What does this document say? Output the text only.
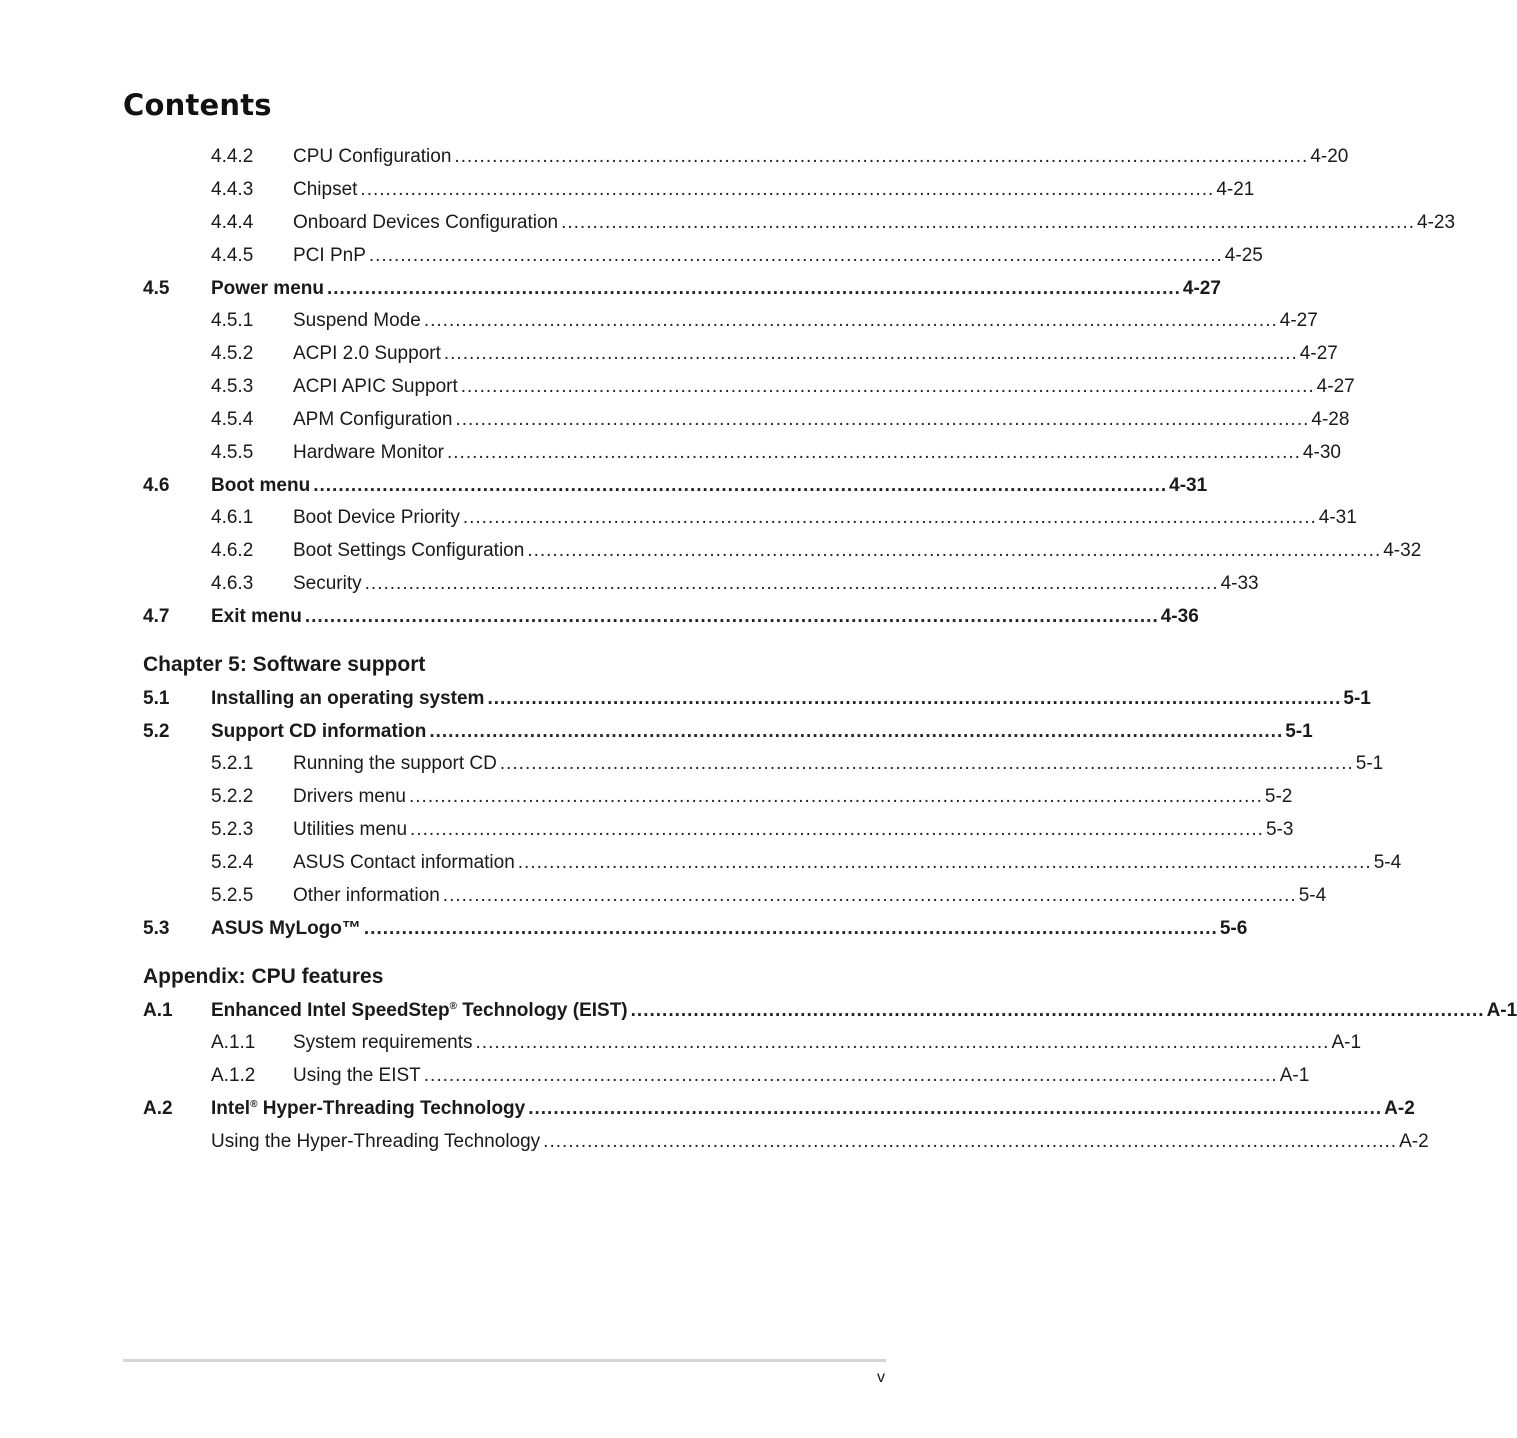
Contents
4.4.2 CPU Configuration ........................................................................................................................................ 4-20
4.4.3 Chipset ........................................................................................................................................ 4-21
4.4.4 Onboard Devices Configuration ........................................................................................................................................ 4-23
4.4.5 PCI PnP ........................................................................................................................................ 4-25
4.5 Power menu ........................................................................................................................................ 4-27
4.5.1 Suspend Mode ........................................................................................................................................ 4-27
4.5.2 ACPI 2.0 Support ........................................................................................................................................ 4-27
4.5.3 ACPI APIC Support ........................................................................................................................................ 4-27
4.5.4 APM Configuration ........................................................................................................................................ 4-28
4.5.5 Hardware Monitor ........................................................................................................................................ 4-30
4.6 Boot menu ........................................................................................................................................ 4-31
4.6.1 Boot Device Priority ........................................................................................................................................ 4-31
4.6.2 Boot Settings Configuration ........................................................................................................................................ 4-32
4.6.3 Security ........................................................................................................................................ 4-33
4.7 Exit menu ........................................................................................................................................ 4-36
Chapter 5: Software support
5.1 Installing an operating system ........................................................................................................................................ 5-1
5.2 Support CD information ........................................................................................................................................ 5-1
5.2.1 Running the support CD ........................................................................................................................................ 5-1
5.2.2 Drivers menu ........................................................................................................................................ 5-2
5.2.3 Utilities menu ........................................................................................................................................ 5-3
5.2.4 ASUS Contact information ........................................................................................................................................ 5-4
5.2.5 Other information ........................................................................................................................................ 5-4
5.3 ASUS MyLogo™ ........................................................................................................................................ 5-6
Appendix: CPU features
A.1 Enhanced Intel SpeedStep® Technology (EIST) ........................................................................................................................................ A-1
A.1.1 System requirements ........................................................................................................................................ A-1
A.1.2 Using the EIST ........................................................................................................................................ A-1
A.2 Intel® Hyper-Threading Technology ........................................................................................................................................ A-2
Using the Hyper-Threading Technology ........................................................................................................................................ A-2
v
